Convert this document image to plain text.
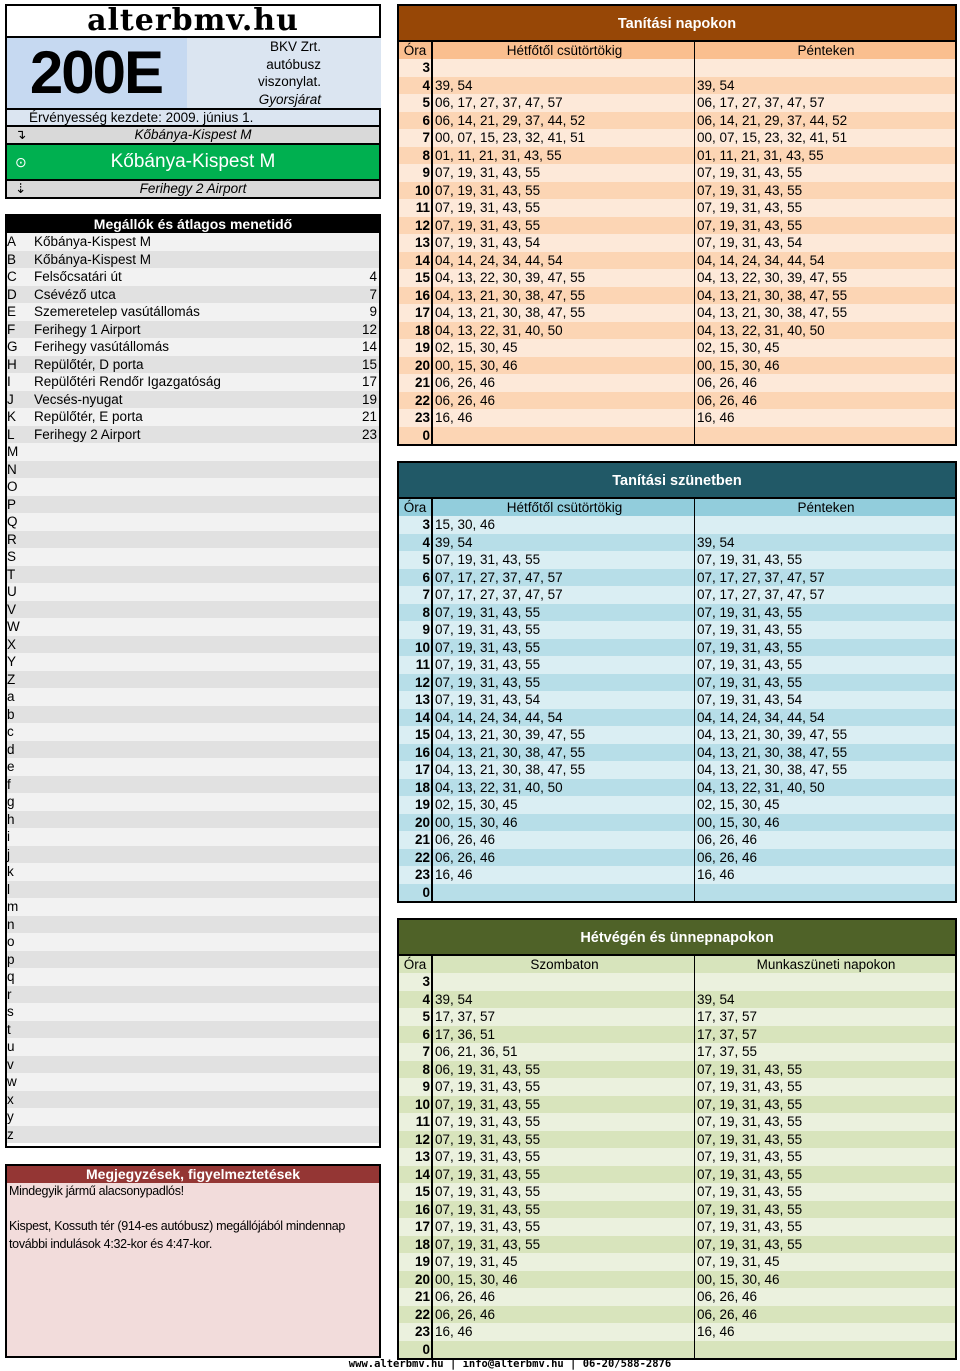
alterbmv.hu
200E	BKV Zrt.
autóbusz
viszonylat.
Gyorsjárat
Érvényesség kezdete: 2009. június 1.
↴	Kőbánya-Kispest M
⊙	Kőbánya-Kispest M
⇣	Ferihegy 2 Airport
Megállók és átlagos menetidő
A Kőbánya-Kispest M
B Kőbánya-Kispest M
C Felsőcsatári út	4
D Csévéző utca	7
E Szemeretelep vasútállomás	9
F Ferihegy 1 Airport	12
G Ferihegy vasútállomás	14
H Repülőtér, D porta	15
I Repülőtéri Rendőr Igazgatóság	17
J Vecsés-nyugat	19
K Repülőtér, E porta	21
L Ferihegy 2 Airport	23
M
N
O
P
Q
R
S
T
U
V
W
X
Y
Z
a
b
c
d
e
f
g
h
i
j
k
l
m
n
o
p
q
r
s
t
u
v
w
x
y
z
Megjegyzések, figyelmeztetések

Mindegyik jármű alacsonypadlós!

Kispest, Kossuth tér (914-es autóbusz) megállójából mindennap

további indulások 4:32-kor és 4:47-kor.

Tanítási napokon
Óra	Hétfőtől csütörtökig	Pénteken
3
4 39, 54	39, 54
5 06, 17, 27, 37, 47, 57	06, 17, 27, 37, 47, 57
6 06, 14, 21, 29, 37, 44, 52	06, 14, 21, 29, 37, 44, 52
7 00, 07, 15, 23, 32, 41, 51	00, 07, 15, 23, 32, 41, 51
8 01, 11, 21, 31, 43, 55	01, 11, 21, 31, 43, 55
9 07, 19, 31, 43, 55	07, 19, 31, 43, 55
10 07, 19, 31, 43, 55	07, 19, 31, 43, 55
11 07, 19, 31, 43, 55	07, 19, 31, 43, 55
12 07, 19, 31, 43, 55	07, 19, 31, 43, 55
13 07, 19, 31, 43, 54	07, 19, 31, 43, 54
14 04, 14, 24, 34, 44, 54	04, 14, 24, 34, 44, 54
15 04, 13, 22, 30, 39, 47, 55	04, 13, 22, 30, 39, 47, 55
16 04, 13, 21, 30, 38, 47, 55	04, 13, 21, 30, 38, 47, 55
17 04, 13, 21, 30, 38, 47, 55	04, 13, 21, 30, 38, 47, 55
18 04, 13, 22, 31, 40, 50	04, 13, 22, 31, 40, 50
19 02, 15, 30, 45	02, 15, 30, 45
20 00, 15, 30, 46	00, 15, 30, 46
21 06, 26, 46	06, 26, 46
22 06, 26, 46	06, 26, 46
23 16, 46	16, 46
0
Tanítási szünetben
Óra	Hétfőtől csütörtökig	Pénteken
3 15, 30, 46
4 39, 54	39, 54
5 07, 19, 31, 43, 55	07, 19, 31, 43, 55
6 07, 17, 27, 37, 47, 57	07, 17, 27, 37, 47, 57
7 07, 17, 27, 37, 47, 57	07, 17, 27, 37, 47, 57
8 07, 19, 31, 43, 55	07, 19, 31, 43, 55
9 07, 19, 31, 43, 55	07, 19, 31, 43, 55
10 07, 19, 31, 43, 55	07, 19, 31, 43, 55
11 07, 19, 31, 43, 55	07, 19, 31, 43, 55
12 07, 19, 31, 43, 55	07, 19, 31, 43, 55
13 07, 19, 31, 43, 54	07, 19, 31, 43, 54
14 04, 14, 24, 34, 44, 54	04, 14, 24, 34, 44, 54
15 04, 13, 21, 30, 39, 47, 55	04, 13, 21, 30, 39, 47, 55
16 04, 13, 21, 30, 38, 47, 55	04, 13, 21, 30, 38, 47, 55
17 04, 13, 21, 30, 38, 47, 55	04, 13, 21, 30, 38, 47, 55
18 04, 13, 22, 31, 40, 50	04, 13, 22, 31, 40, 50
19 02, 15, 30, 45	02, 15, 30, 45
20 00, 15, 30, 46	00, 15, 30, 46
21 06, 26, 46	06, 26, 46
22 06, 26, 46	06, 26, 46
23 16, 46	16, 46
0
Hétvégén és ünnepnapokon
Óra	Szombaton	Munkaszüneti napokon
3
4 39, 54	39, 54
5 17, 37, 57	17, 37, 57
6 17, 36, 51	17, 37, 57
7 06, 21, 36, 51	17, 37, 55
8 06, 19, 31, 43, 55	07, 19, 31, 43, 55
9 07, 19, 31, 43, 55	07, 19, 31, 43, 55
10 07, 19, 31, 43, 55	07, 19, 31, 43, 55
11 07, 19, 31, 43, 55	07, 19, 31, 43, 55
12 07, 19, 31, 43, 55	07, 19, 31, 43, 55
13 07, 19, 31, 43, 55	07, 19, 31, 43, 55
14 07, 19, 31, 43, 55	07, 19, 31, 43, 55
15 07, 19, 31, 43, 55	07, 19, 31, 43, 55
16 07, 19, 31, 43, 55	07, 19, 31, 43, 55
17 07, 19, 31, 43, 55	07, 19, 31, 43, 55
18 07, 19, 31, 43, 55	07, 19, 31, 43, 55
19 07, 19, 31, 45	07, 19, 31, 45
20 00, 15, 30, 46	00, 15, 30, 46
21 06, 26, 46	06, 26, 46
22 06, 26, 46	06, 26, 46
23 16, 46	16, 46
0
www.alterbmv.hu | info@alterbmv.hu | 06-20/588-2876
